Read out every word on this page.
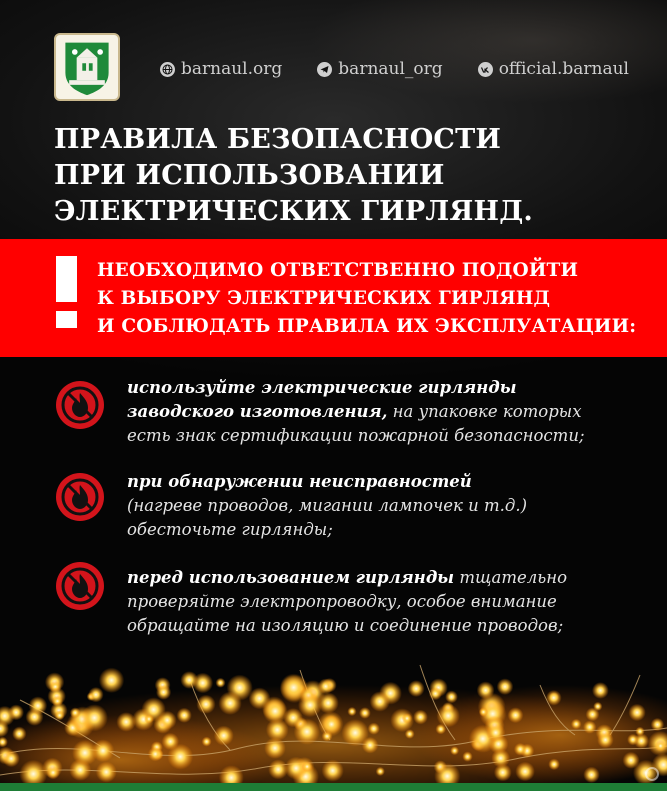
barnaul.org	barnaul_org	official.barnaul
ПРАВИЛА БЕЗОПАСНОСТИ
ПРИ ИСПОЛЬЗОВАНИИ
ЭЛЕКТРИЧЕСКИХ ГИРЛЯНД.
НЕОБХОДИМО ОТВЕТСТВЕННО ПОДОЙТИ
К ВЫБОРУ ЭЛЕКТРИЧЕСКИХ ГИРЛЯНД
И СОБЛЮДАТЬ ПРАВИЛА ИХ ЭКСПЛУАТАЦИИ:
используйте электрические гирлянды
заводского изготовления, на упаковке которых
есть знак сертификации пожарной безопасности;
при обнаружении неисправностей
(нагреве проводов, мигании лампочек и т.д.)
обесточьте гирлянды;
перед использованием гирлянды тщательно
проверяйте электропроводку, особое внимание
обращайте на изоляцию и соединение проводов;
